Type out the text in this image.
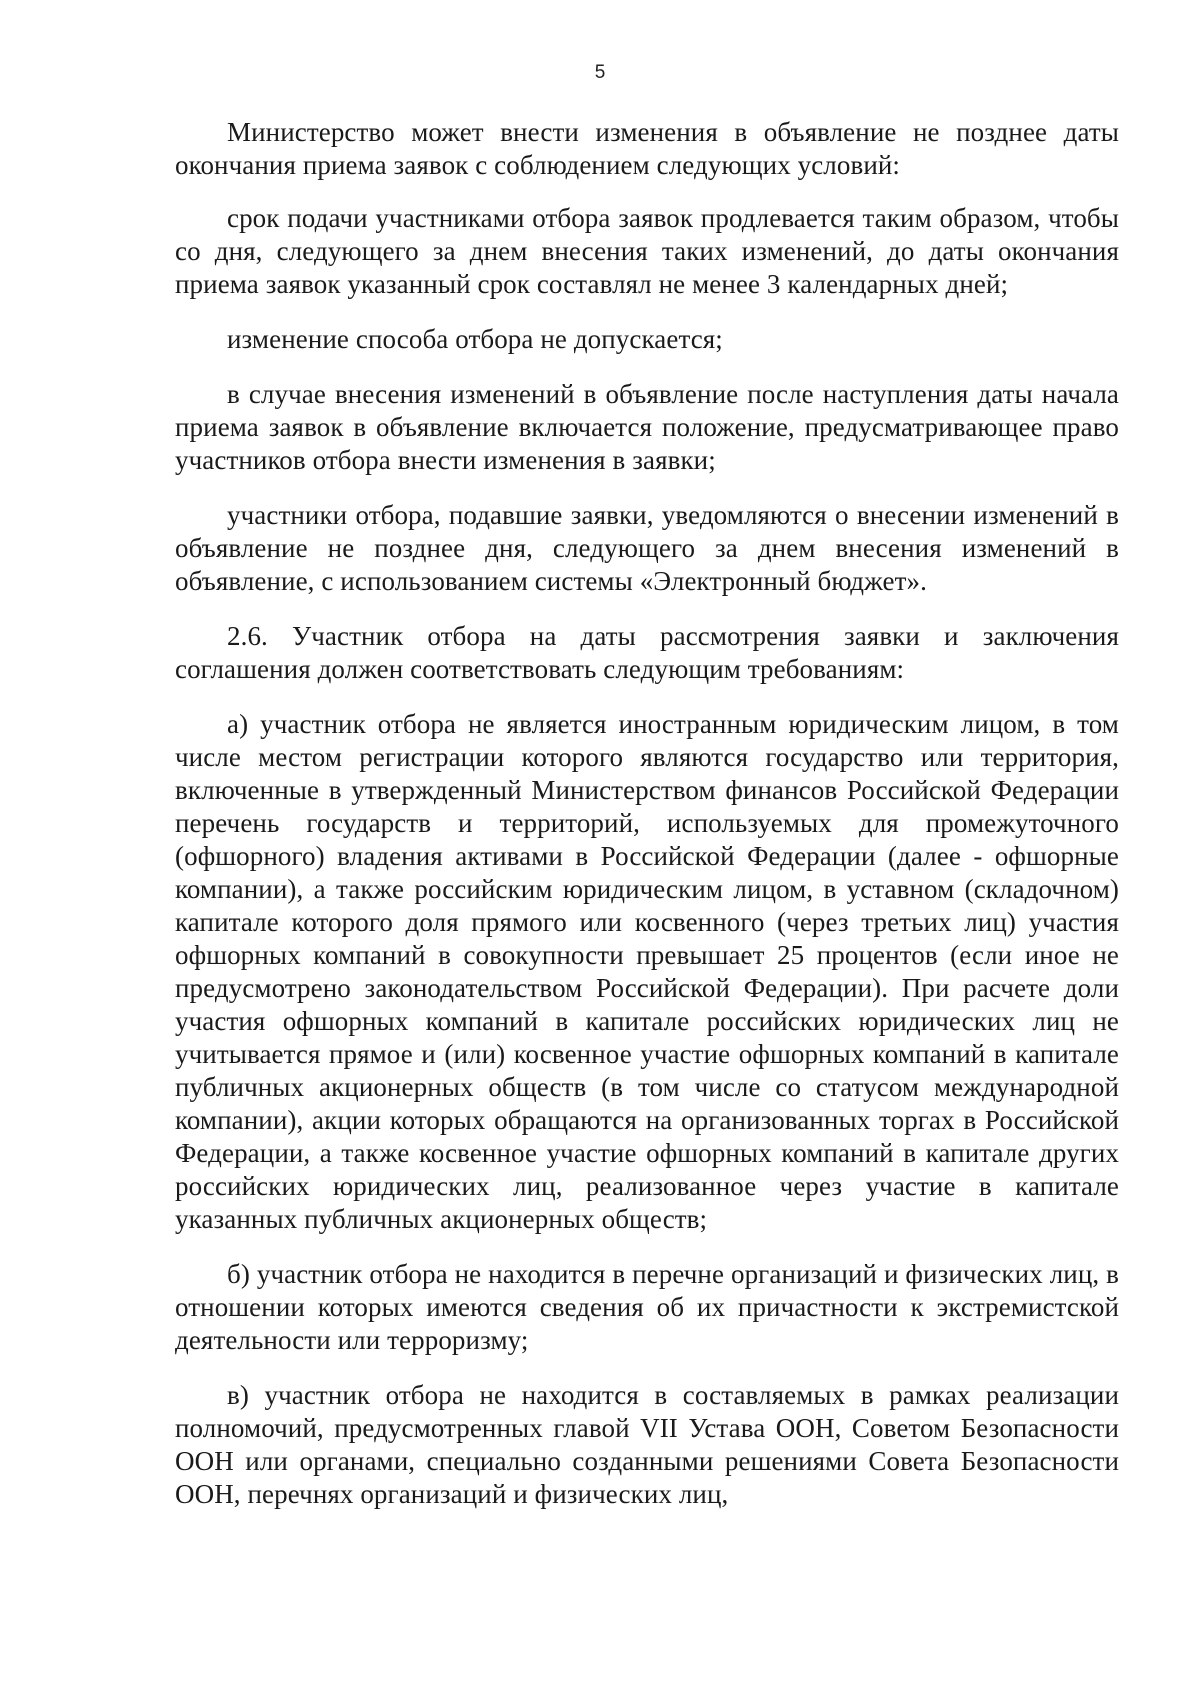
5

Министерство может внести изменения в объявление не позднее даты окончания приема заявок с соблюдением следующих условий:

срок подачи участниками отбора заявок продлевается таким образом, чтобы со дня, следующего за днем внесения таких изменений, до даты окончания приема заявок указанный срок составлял не менее 3 календарных дней;

изменение способа отбора не допускается;

в случае внесения изменений в объявление после наступления даты начала приема заявок в объявление включается положение, предусматривающее право участников отбора внести изменения в заявки;

участники отбора, подавшие заявки, уведомляются о внесении изменений в объявление не позднее дня, следующего за днем внесения изменений в объявление, с использованием системы «Электронный бюджет».

2.6. Участник отбора на даты рассмотрения заявки и заключения соглашения должен соответствовать следующим требованиям:

а) участник отбора не является иностранным юридическим лицом, в том числе местом регистрации которого являются государство или территория, включенные в утвержденный Министерством финансов Российской Федерации перечень государств и территорий, используемых для промежуточного (офшорного) владения активами в Российской Федерации (далее - офшорные компании), а также российским юридическим лицом, в уставном (складочном) капитале которого доля прямого или косвенного (через третьих лиц) участия офшорных компаний в совокупности превышает 25 процентов (если иное не предусмотрено законодательством Российской Федерации). При расчете доли участия офшорных компаний в капитале российских юридических лиц не учитывается прямое и (или) косвенное участие офшорных компаний в капитале публичных акционерных обществ (в том числе со статусом международной компании), акции которых обращаются на организованных торгах в Российской Федерации, а также косвенное участие офшорных компаний в капитале других российских юридических лиц, реализованное через участие в капитале указанных публичных акционерных обществ;

б) участник отбора не находится в перечне организаций и физических лиц, в отношении которых имеются сведения об их причастности к экстремистской деятельности или терроризму;

в) участник отбора не находится в составляемых в рамках реализации полномочий, предусмотренных главой VII Устава ООН, Советом Безопасности ООН или органами, специально созданными решениями Совета Безопасности ООН, перечнях организаций и физических лиц,
